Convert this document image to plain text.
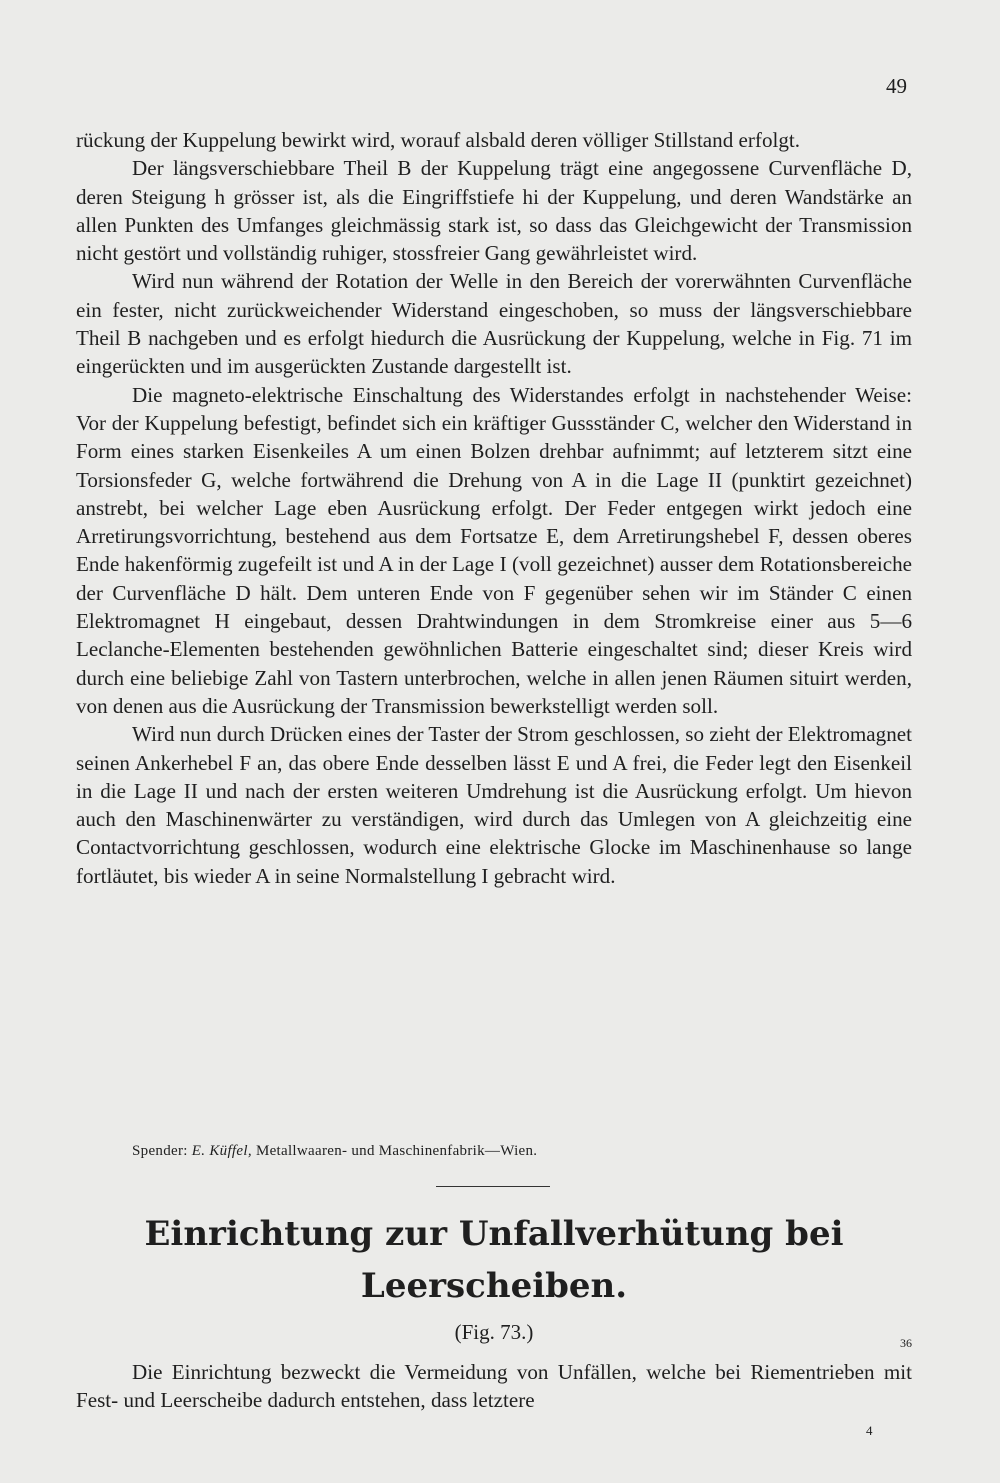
49

rückung der Kuppelung bewirkt wird, worauf alsbald deren völliger Stillstand erfolgt.

Der längsverschiebbare Theil B der Kuppelung trägt eine angegossene Curvenfläche D, deren Steigung h grösser ist, als die Eingriffstiefe hi der Kuppelung, und deren Wandstärke an allen Punkten des Umfanges gleichmässig stark ist, so dass das Gleichgewicht der Transmission nicht gestört und vollständig ruhiger, stossfreier Gang gewährleistet wird.

Wird nun während der Rotation der Welle in den Bereich der vorerwähnten Curvenfläche ein fester, nicht zurückweichender Widerstand eingeschoben, so muss der längsverschiebbare Theil B nachgeben und es erfolgt hiedurch die Ausrückung der Kuppelung, welche in Fig. 71 im eingerückten und im ausgerückten Zustande dargestellt ist.

Die magneto-elektrische Einschaltung des Widerstandes erfolgt in nachstehender Weise: Vor der Kuppelung befestigt, befindet sich ein kräftiger Gussständer C, welcher den Widerstand in Form eines starken Eisenkeiles A um einen Bolzen drehbar aufnimmt; auf letzterem sitzt eine Torsionsfeder G, welche fortwährend die Drehung von A in die Lage II (punktirt gezeichnet) anstrebt, bei welcher Lage eben Ausrückung erfolgt. Der Feder entgegen wirkt jedoch eine Arretirungsvorrichtung, bestehend aus dem Fortsatze E, dem Arretirungshebel F, dessen oberes Ende hakenförmig zugefeilt ist und A in der Lage I (voll gezeichnet) ausser dem Rotationsbereiche der Curvenfläche D hält. Dem unteren Ende von F gegenüber sehen wir im Ständer C einen Elektromagnet H eingebaut, dessen Drahtwindungen in dem Stromkreise einer aus 5—6 Leclanche-Elementen bestehenden gewöhnlichen Batterie eingeschaltet sind; dieser Kreis wird durch eine beliebige Zahl von Tastern unterbrochen, welche in allen jenen Räumen situirt werden, von denen aus die Ausrückung der Transmission bewerkstelligt werden soll.

Wird nun durch Drücken eines der Taster der Strom geschlossen, so zieht der Elektromagnet seinen Ankerhebel F an, das obere Ende desselben lässt E und A frei, die Feder legt den Eisenkeil in die Lage II und nach der ersten weiteren Umdrehung ist die Ausrückung erfolgt. Um hievon auch den Maschinenwärter zu verständigen, wird durch das Umlegen von A gleichzeitig eine Contactvorrichtung geschlossen, wodurch eine elektrische Glocke im Maschinenhause so lange fortläutet, bis wieder A in seine Normalstellung I gebracht wird.

Spender: E. Küffel, Metallwaaren- und Maschinenfabrik—Wien.
Einrichtung zur Unfallverhütung bei
Leerscheiben.
(Fig. 73.)	36

Die Einrichtung bezweckt die Vermeidung von Unfällen, welche bei Riementrieben mit Fest- und Leerscheibe dadurch entstehen, dass letztere

4
